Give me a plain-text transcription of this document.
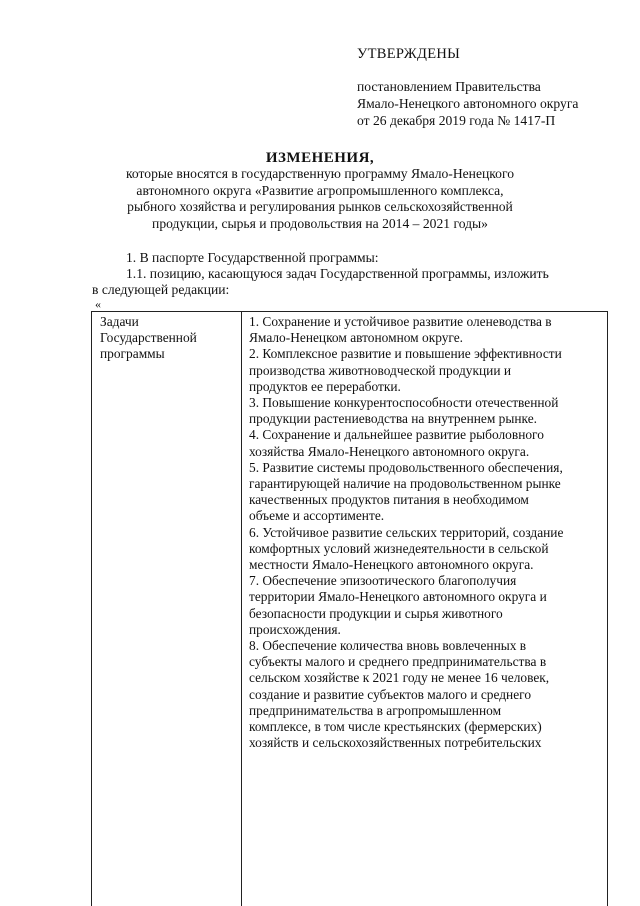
УТВЕРЖДЕНЫ
постановлением Правительства
Ямало-Ненецкого автономного округа
от 26 декабря 2019 года № 1417-П
ИЗМЕНЕНИЯ,
которые вносятся в государственную программу Ямало-Ненецкого
автономного округа «Развитие агропромышленного комплекса,
рыбного хозяйства и регулирования рынков сельскохозяйственной
продукции, сырья и продовольствия на 2014 – 2021 годы»
1. В паспорте Государственной программы:
1.1. позицию, касающуюся задач Государственной программы, изложить
в следующей редакции:
«
Задачи
Государственной
программы
1. Сохранение и устойчивое развитие оленеводства в
Ямало-Ненецком автономном округе.
2. Комплексное развитие и повышение эффективности
производства животноводческой продукции и
продуктов ее переработки.
3. Повышение конкурентоспособности отечественной
продукции растениеводства на внутреннем рынке.
4. Сохранение и дальнейшее развитие рыболовного
хозяйства Ямало-Ненецкого автономного округа.
5. Развитие системы продовольственного обеспечения,
гарантирующей наличие на продовольственном рынке
качественных продуктов питания в необходимом
объеме и ассортименте.
6. Устойчивое развитие сельских территорий, создание
комфортных условий жизнедеятельности в сельской
местности Ямало-Ненецкого автономного округа.
7. Обеспечение эпизоотического благополучия
территории Ямало-Ненецкого автономного округа и
безопасности продукции и сырья животного
происхождения.
8. Обеспечение количества вновь вовлеченных в
субъекты малого и среднего предпринимательства в
сельском хозяйстве к 2021 году не менее 16 человек,
создание и развитие субъектов малого и среднего
предпринимательства в агропромышленном
комплексе, в том числе крестьянских (фермерских)
хозяйств и сельскохозяйственных потребительских
